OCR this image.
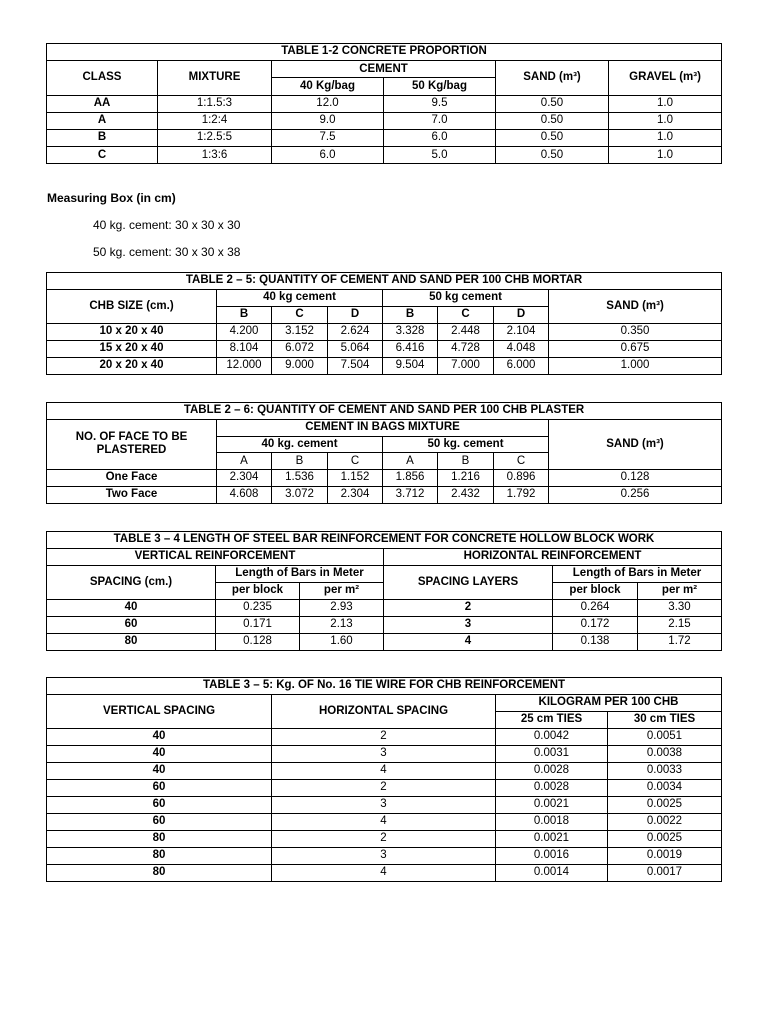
TABLE 1-2 CONCRETE PROPORTION					
CLASS	MIXTURE	CEMENT		SAND (m³)	GRAVEL (m³)
		40 Kg/bag	50 Kg/bag		
AA	1:1.5:3	12.0	9.5	0.50	1.0
A	1:2:4	9.0	7.0	0.50	1.0
B	1:2.5:5	7.5	6.0	0.50	1.0
C	1:3:6	6.0	5.0	0.50	1.0
Measuring Box (in cm)
40 kg. cement: 30 x 30 x 30
50 kg. cement: 30 x 30 x 38
TABLE 2 – 5: QUANTITY OF CEMENT AND SAND PER 100 CHB MORTAR							
CHB SIZE (cm.)	40 kg cement			50 kg cement			SAND (m³)
	B	C	D	B	C	D	
10 x 20 x 40	4.200	3.152	2.624	3.328	2.448	2.104	0.350
15 x 20 x 40	8.104	6.072	5.064	6.416	4.728	4.048	0.675
20 x 20 x 40	12.000	9.000	7.504	9.504	7.000	6.000	1.000
TABLE 2 – 6: QUANTITY OF CEMENT AND SAND PER 100 CHB PLASTER							
NO. OF FACE TO BE PLASTERED	CEMENT IN BAGS MIXTURE						SAND (m³)
	40 kg. cement			50 kg. cement			
	A	B	C	A	B	C	
One Face	2.304	1.536	1.152	1.856	1.216	0.896	0.128
Two Face	4.608	3.072	2.304	3.712	2.432	1.792	0.256
TABLE 3 – 4 LENGTH OF STEEL BAR REINFORCEMENT FOR CONCRETE HOLLOW BLOCK WORK					
VERTICAL REINFORCEMENT			HORIZONTAL REINFORCEMENT		
SPACING (cm.)	Length of Bars in Meter		SPACING LAYERS	Length of Bars in Meter	
	per block	per m²		per block	per m²
40	0.235	2.93	2	0.264	3.30
60	0.171	2.13	3	0.172	2.15
80	0.128	1.60	4	0.138	1.72
TABLE 3 – 5: Kg. OF No. 16 TIE WIRE FOR CHB REINFORCEMENT			
VERTICAL SPACING	HORIZONTAL SPACING	KILOGRAM PER 100 CHB	
		25 cm TIES	30 cm TIES
40	2	0.0042	0.0051
40	3	0.0031	0.0038
40	4	0.0028	0.0033
60	2	0.0028	0.0034
60	3	0.0021	0.0025
60	4	0.0018	0.0022
80	2	0.0021	0.0025
80	3	0.0016	0.0019
80	4	0.0014	0.0017
